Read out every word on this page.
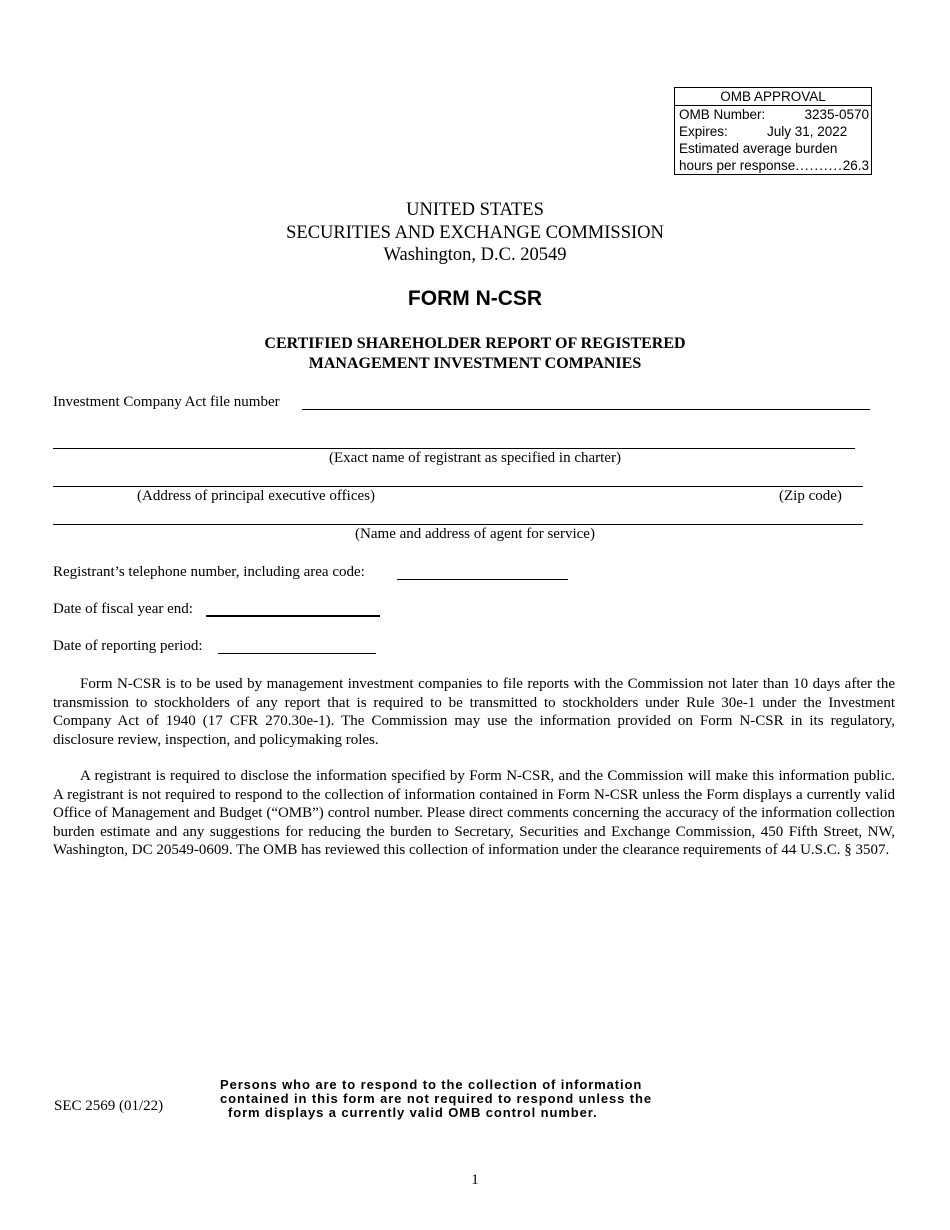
OMB APPROVAL
OMB Number:	3235-0570
Expires:	July 31, 2022
Estimated average burden
hours per response .......... 26.3
UNITED STATES
SECURITIES AND EXCHANGE COMMISSION
Washington, D.C. 20549
FORM N-CSR
CERTIFIED SHAREHOLDER REPORT OF REGISTERED
MANAGEMENT INVESTMENT COMPANIES
Investment Company Act file number
(Exact name of registrant as specified in charter)
(Address of principal executive offices)	(Zip code)
(Name and address of agent for service)
Registrant’s telephone number, including area code:
Date of fiscal year end:
Date of reporting period:
Form N-CSR is to be used by management investment companies to file reports with the Commission not later than 10 days after the transmission to stockholders of any report that is required to be transmitted to stockholders under Rule 30e-1 under the Investment Company Act of 1940 (17 CFR 270.30e-1). The Commission may use the information provided on Form N-CSR in its regulatory, disclosure review, inspection, and policymaking roles.
A registrant is required to disclose the information specified by Form N-CSR, and the Commission will make this information public. A registrant is not required to respond to the collection of information contained in Form N-CSR unless the Form displays a currently valid Office of Management and Budget (“OMB”) control number. Please direct comments concerning the accuracy of the information collection burden estimate and any suggestions for reducing the burden to Secretary, Securities and Exchange Commission, 450 Fifth Street, NW, Washington, DC 20549-0609. The OMB has reviewed this collection of information under the clearance requirements of 44 U.S.C. § 3507.
SEC 2569 (01/22)
Persons who are to respond to the collection of information
contained in this form are not required to respond unless the
form displays a currently valid OMB control number.
1
